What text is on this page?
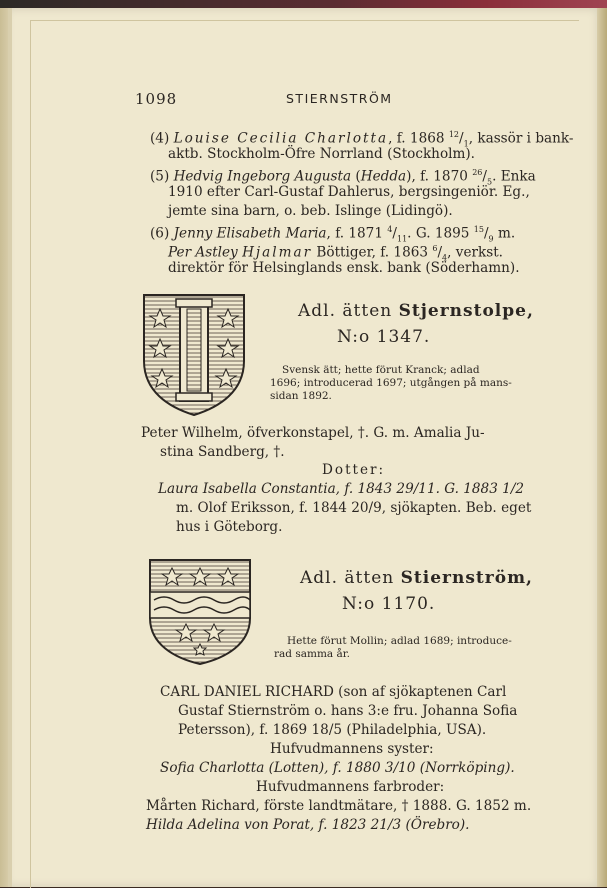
1098	STIERNSTRÖM
(4) Louise Cecilia Charlotta, f. 1868 $^{12}/_1$, kassör i bank-
aktb. Stockholm-Öfre Norrland (Stockholm).
(5) Hedvig Ingeborg Augusta (Hedda), f. 1870 $^{26}/_5$. Enka
1910 efter Carl-Gustaf Dahlerus, bergsingeniör. Eg.,
jemte sina barn, o. beb. Islinge (Lidingö).
(6) Jenny Elisabeth Maria, f. 1871 $^4/_{11}$. G. 1895 $^{15}/_9$ m.
Per Astley Hjalmar Böttiger, f. 1863 $^6/_4$, verkst.
direktör för Helsinglands ensk. bank (Söderhamn).
Adl. ätten Stjernstolpe,
N:o 1347.
Svensk ätt; hette förut Kranck; adlad
1696; introducerad 1697; utgången på mans-
sidan 1892.
Peter Wilhelm, öfverkonstapel, †. G. m. Amalia Ju-
stina Sandberg, †.
Dotter:
Laura Isabella Constantia, f. 1843 29/11. G. 1883 1/2
m. Olof Eriksson, f. 1844 20/9, sjökapten. Beb. eget
hus i Göteborg.
Adl. ätten Stiernström,
N:o 1170.
Hette förut Mollin; adlad 1689; introduce-
rad samma år.
CARL DANIEL RICHARD (son af sjökaptenen Carl
Gustaf Stiernström o. hans 3:e fru. Johanna Sofia
Petersson), f. 1869 18/5 (Philadelphia, USA).
Hufvudmannens syster:
Sofia Charlotta (Lotten), f. 1880 3/10 (Norrköping).
Hufvudmannens farbroder:
Mårten Richard, förste landtmätare, † 1888. G. 1852 m.
Hilda Adelina von Porat, f. 1823 21/3 (Örebro).
